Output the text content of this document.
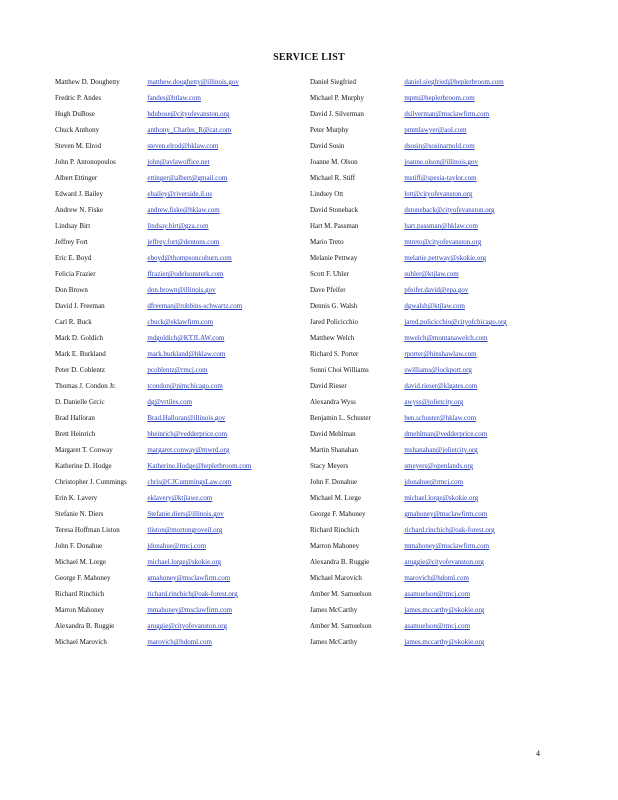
SERVICE LIST
Matthew D. Doughetty	matthew.doughetty@illinois.gov	Daniel Siegfried	daniel.siegfried@heplerbroom.com

Fredric P. Andes	fandes@btlaw.com	Michael P. Murphy	mpm@heplerbroom.com

Hugh DuBose	hdubose@cityofevanston.org	David J. Silverman	dsilverman@msclawfirm.com

Chuck Anthony	anthony_Charles_R@cat.com	Peter Murphy	pmmlawyer@aol.com

Steven M. Elrod	steven.elrod@hklaw.com	David Sosin	dsosin@sosinarnold.com

John P. Antonopoulos	john@avlawoffice.net	Joanne M. Olson	joanne.olson@illinois.gov

Albert Ettinger	ettinger@albert@gmail.com	Michael R. Stiff	mstiff@spesia-taylor.com

Edward J. Bailey	ebailey@riverside.il.us	Lindsey Ott	lott@cityofevanston.org

Andrew N. Fiske	andrew.fiske@hklaw.com	David Stoneback	dstoneback@cityofevanston.org

Lindsay Birt	lindsay.birt@gza.com	Hart M. Passman	hart.passman@hklaw.com

Jeffrey Fort	jeffrey.fort@dentons.com	Mario Treto	mtreto@cityofevanston.org

Eric E. Boyd	eboyd@thompsoncoburn.com	Melanie Pettway	melanie.pettway@skokie.org

Felicia Frazier	ffrazier@odelsonsterk.com	Scott F. Uhler	suhler@ktjlaw.com

Don Brown	don.brown@illinois.gov	Dave Pfeifer	pfeifer.david@epa.gov

David J. Freeman	dfreeman@robbins-schwartz.com	Dennis G. Walsh	dgwalsh@ktjlaw.com

Carl R. Buck	cbuck@eklawfirm.com	Jared Policicchio	jared.policicchio@cityofchicago.org

Mark D. Goldich	mdgoldich@KTJLAW.com	Matthew Welch	mwelch@montanawelch.com

Mark E. Burkland	mark.burkland@hklaw.com	Richard S. Porter	rporter@hinshawlaw.com

Peter D. Coblentz	pcoblentz@rmcj.com	Sonni Choi Williams	swilliams@lockport.org

Thomas J. Condon Jr.	tcondon@pjmchicago.com	David Rieser	david.rieser@klgates.com

D. Danielle Grcic	dg@vrtiles.com	Alexandra Wyss	awyss@jolietcity.org

Brad Halloran	Brad.Halloran@illinois.gov	Benjamin L. Schuster	ben.schuster@hklaw.com

Brett Heinrich	bheinrich@vedderprice.com	David Mehlman	dmehlman@vedderprice.com

Margaret T. Conway	margaret.conway@mwrd.org	Martin Shanahan	mshanahan@jolietcity.org

Katherine D. Hodge	Katherine.Hodge@heplerbroom.com	Stacy Meyers	smeyers@openlands.org

Christopher J. Cummings	chris@CJCummingsLaw.com	John F. Donahue	jdonahue@rmcj.com

Erin K. Lavery	eklavery@ktjlawe.com	Michael M. Lorge	michael.lorge@skokie.org

Stefanie N. Diers	Stefanie.diers@illinois.gov	George F. Mahoney	gmahoney@msclawfirm.com

Teresa Hoffman Liston	tliston@mortongroveil.org	Richard Rinchich	richard.rinchich@oak-forest.org

John F. Donahue	jdonahue@rmcj.com	Marron Mahoney	mmahoney@msclawfirm.com

Michael M. Lorge	michael.lorge@skokie.org	Alexandra B. Ruggie	aruggie@cityofevanston.org

George F. Mahoney	gmahoney@msclawfirm.com	Michael Marovich	marovich@hdoml.com

Richard Rinchich	richard.rinchich@oak-forest.org	Amber M. Samuelson	asamuelson@rmcj.com

Marron Mahoney	mmahoney@msclawfirm.com	James McCarthy	james.mccarthy@skokie.org

Alexandra B. Ruggie	aruggie@cityofevanston.org	Amber M. Samuelson	asamuelson@rmcj.com

Michael Marovich	marovich@hdoml.com	James McCarthy	james.mccarthy@skokie.org
4
